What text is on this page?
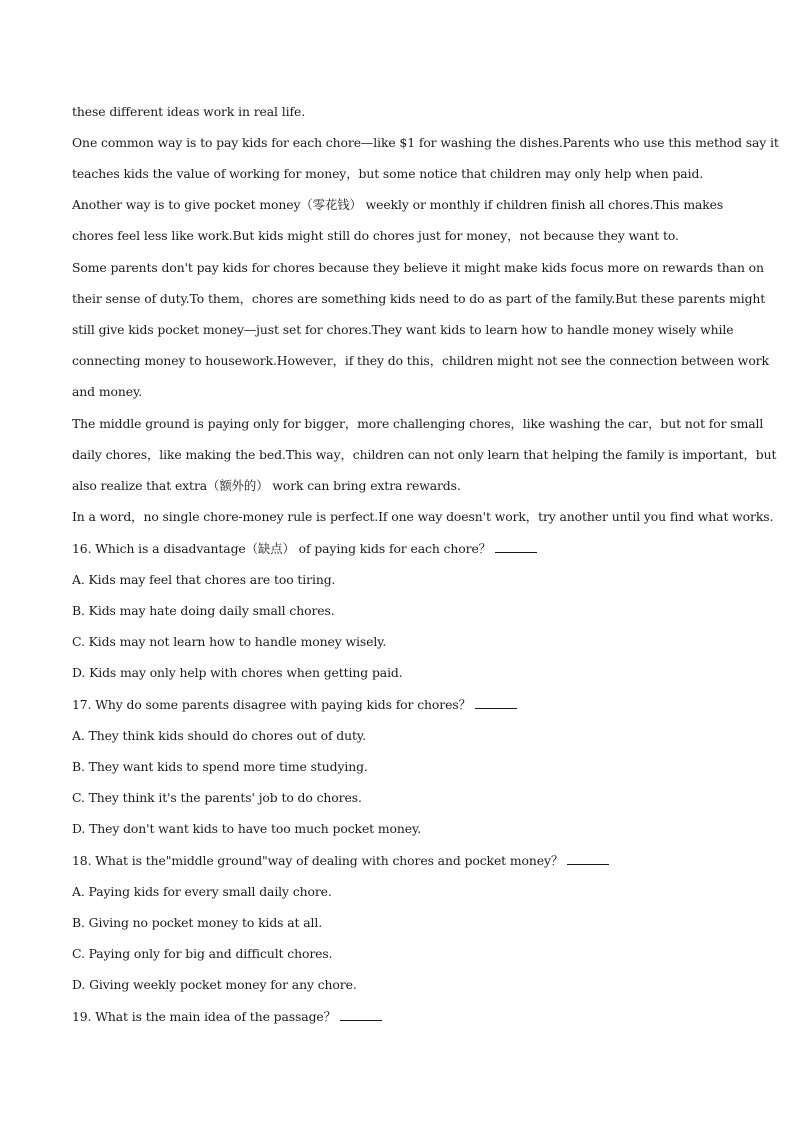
these different ideas work in real life.
One common way is to pay kids for each chore—like $1 for washing the dishes.Parents who use this method say it
teaches kids the value of working for money，but some notice that children may only help when paid.
Another way is to give pocket money（零花钱） weekly or monthly if children finish all chores.This makes
chores feel less like work.But kids might still do chores just for money，not because they want to.
Some parents don't pay kids for chores because they believe it might make kids focus more on rewards than on
their sense of duty.To them，chores are something kids need to do as part of the family.But these parents might
still give kids pocket money—just set for chores.They want kids to learn how to handle money wisely while
connecting money to housework.However，if they do this，children might not see the connection between work
and money.
The middle ground is paying only for bigger，more challenging chores，like washing the car，but not for small
daily chores，like making the bed.This way，children can not only learn that helping the family is important，but
also realize that extra（额外的） work can bring extra rewards.
In a word，no single chore-money rule is perfect.If one way doesn't work，try another until you find what works.
16. Which is a disadvantage（缺点） of paying kids for each chore？
A. Kids may feel that chores are too tiring.
B. Kids may hate doing daily small chores.
C. Kids may not learn how to handle money wisely.
D. Kids may only help with chores when getting paid.
17. Why do some parents disagree with paying kids for chores？
A. They think kids should do chores out of duty.
B. They want kids to spend more time studying.
C. They think it's the parents' job to do chores.
D. They don't want kids to have too much pocket money.
18. What is the"middle ground"way of dealing with chores and pocket money？
A. Paying kids for every small daily chore.
B. Giving no pocket money to kids at all.
C. Paying only for big and difficult chores.
D. Giving weekly pocket money for any chore.
19. What is the main idea of the passage？
